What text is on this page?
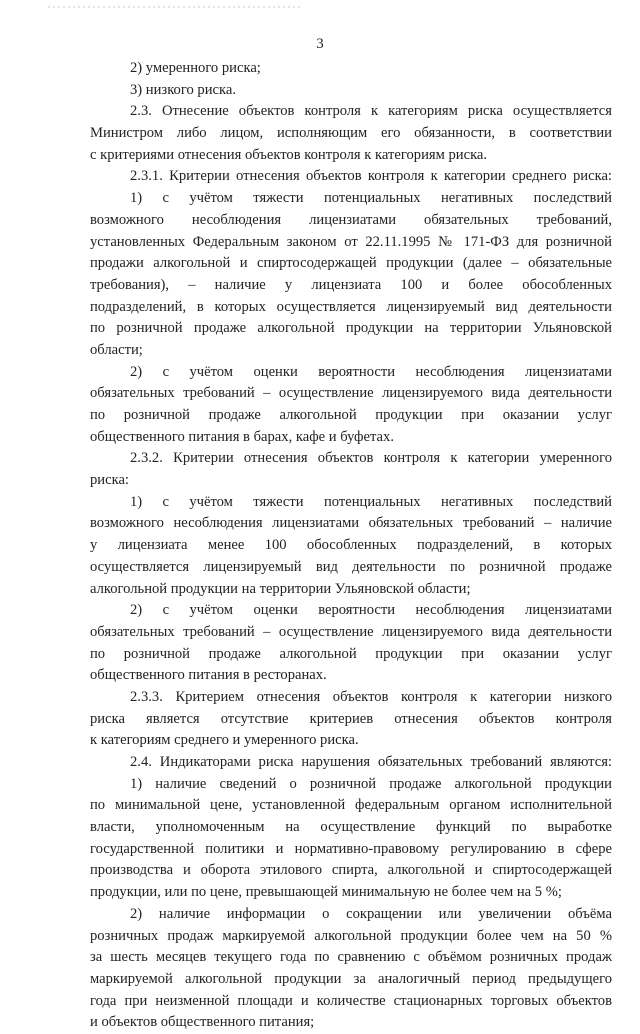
3
2) умеренного риска;
3) низкого риска.
2.3. Отнесение объектов контроля к категориям риска осуществляется
Министром либо лицом, исполняющим его обязанности, в соответствии
с критериями отнесения объектов контроля к категориям риска.
2.3.1. Критерии отнесения объектов контроля к категории среднего риска:
1) с учётом тяжести потенциальных негативных последствий
возможного несоблюдения лицензиатами обязательных требований,
установленных Федеральным законом от 22.11.1995 № 171-ФЗ для розничной
продажи алкогольной и спиртосодержащей продукции (далее – обязательные
требования), – наличие у лицензиата 100 и более обособленных
подразделений, в которых осуществляется лицензируемый вид деятельности
по розничной продаже алкогольной продукции на территории Ульяновской
области;
2) с учётом оценки вероятности несоблюдения лицензиатами
обязательных требований – осуществление лицензируемого вида деятельности
по розничной продаже алкогольной продукции при оказании услуг
общественного питания в барах, кафе и буфетах.
2.3.2. Критерии отнесения объектов контроля к категории умеренного
риска:
1) с учётом тяжести потенциальных негативных последствий
возможного несоблюдения лицензиатами обязательных требований – наличие
у лицензиата менее 100 обособленных подразделений, в которых
осуществляется лицензируемый вид деятельности по розничной продаже
алкогольной продукции на территории Ульяновской области;
2) с учётом оценки вероятности несоблюдения лицензиатами
обязательных требований – осуществление лицензируемого вида деятельности
по розничной продаже алкогольной продукции при оказании услуг
общественного питания в ресторанах.
2.3.3. Критерием отнесения объектов контроля к категории низкого
риска является отсутствие критериев отнесения объектов контроля
к категориям среднего и умеренного риска.
2.4. Индикаторами риска нарушения обязательных требований являются:
1) наличие сведений о розничной продаже алкогольной продукции
по минимальной цене, установленной федеральным органом исполнительной
власти, уполномоченным на осуществление функций по выработке
государственной политики и нормативно-правовому регулированию в сфере
производства и оборота этилового спирта, алкогольной и спиртосодержащей
продукции, или по цене, превышающей минимальную не более чем на 5 %;
2) наличие информации о сокращении или увеличении объёма
розничных продаж маркируемой алкогольной продукции более чем на 50 %
за шесть месяцев текущего года по сравнению с объёмом розничных продаж
маркируемой алкогольной продукции за аналогичный период предыдущего
года при неизменной площади и количестве стационарных торговых объектов
и объектов общественного питания;
